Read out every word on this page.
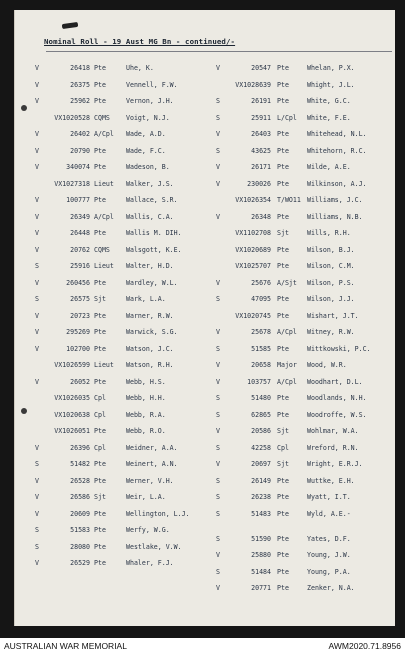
Nominal Roll - 19 Aust MG Bn - continued/-
V	26418 Pte	Uhe, K.
V	26375 Pte	Vennell, F.W.
V	25962 Pte	Vernon, J.H.
VX1020528 CQMS Voigt, N.J.
V	26402 A/Cpl Wade, A.D.
V	20790 Pte	Wade, F.C.
V	340074 Pte	Wadeson, B.
VX1027318 Lieut Walker, J.S.
V	100777 Pte	Wallace, S.R.
V	26349 A/Cpl Wallis, C.A.
V	26448 Pte	Wallis M. DIH.
V	20762 CQMS Walsgott, K.E.
S	25916 Lieut Walter, H.D.
V	260456 Pte	Wardley, W.L.
S	26575 Sjt	Wark, L.A.
V	20723 Pte	Warner, R.W.
V	295269 Pte	Warwick, S.G.
V	102700 Pte	Watson, J.C.
VX1026599 Lieut Watson, R.H.
V	26052 Pte	Webb, H.S.
VX1026035 Cpl	Webb, H.H.
VX1020638 Cpl	Webb, R.A.
VX1026051 Pte	Webb, R.O.
V	26396 Cpl	Weidner, A.A.
S	51482 Pte	Weinert, A.N.
V	26528 Pte	Werner, V.H.
V	26586 Sjt	Weir, L.A.
V	20609 Pte	Wellington, L.J.
S	51583 Pte	Werfy, W.G.
S	28080 Pte	Westlake, V.W.
V	26529 Pte	Whaler, F.J.
V	20547 Pte	Whelan, P.X.
VX1028639 Pte	Whight, J.L.
S	26191 Pte	White, G.C.
S	25911 L/Cpl White, F.E.
V	26403 Pte	Whitehead, N.L.
S	43625 Pte	Whitehorn, R.C.
V	26171 Pte	Wilde, A.E.
V	230026 Pte	Wilkinson, A.J.
VX1026354 T/WO11 Williams, J.C.
V	26348 Pte	Williams, N.B.
VX1102708 Sjt	Wills, R.H.
VX1020689 Pte	Wilson, B.J.
VX1025707 Pte	Wilson, C.M.
V	25676 A/Sjt Wilson, P.S.
S	47095 Pte	Wilson, J.J.
VX1020745 Pte	Wishart, J.T.
V	25678 A/Cpl Witney, R.W.
S	51585 Pte	Wittkowski, P.C.
V	20658 Major Wood, W.R.
V	103757 A/Cpl Woodhart, D.L.
S	51480 Pte	Woodlands, N.H.
S	62865 Pte	Woodroffe, W.S.
V	20586 Sjt	Wohlmar, W.A.
S	42258 Cpl	Wreford, R.N.
V	20697 Sjt	Wright, E.R.J.
S	26149 Pte	Wuttke, E.H.
S	26238 Pte	Wyatt, I.T.
S	51483 Pte	Wyld, A.E.-
S	51590 Pte	Yates, D.F.
V	25880 Pte	Young, J.W.
S	51484 Pte	Young, P.A.
V	20771 Pte	Zenker, N.A.
AUSTRALIAN WAR MEMORIAL	AWM2020.71.8956
